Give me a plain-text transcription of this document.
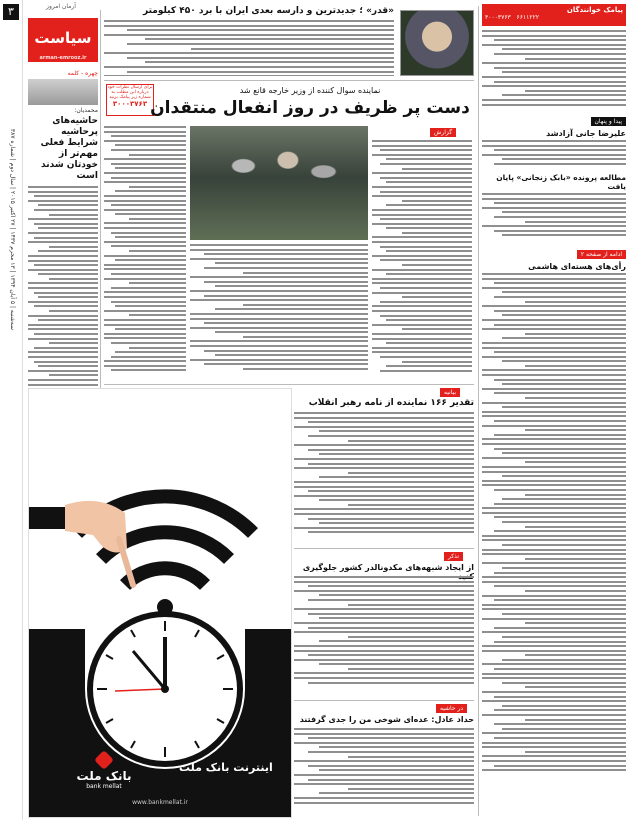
۳
سه‌شنبه | ۵ آبان ۱۳۹۴ | ۱۳ محرم ۱۴۳۷ | ۲۷ اکتبر ۲۰۱۵ | سال دوم | شماره ۳۸۷
آرمان امروز
سیاست
arman-emrooz.ir
چهره - کلمه
محمدیان:
حاشیه‌های پرحاشیه شرایط فعلی مهم‌تر از خودتان شدند است
«قدر» ؛ جدیدترین و دارسه بعدی ایران با برد ۴۵۰ کیلومتر
برای ارسال نظرات خود درباره این مطلب به شماره زیر پیامک بزنید
۳۰۰۰۳۷۶۳
نماینده سوال کننده از وزیر خارجه قانع شد
دست پر ظریف در روز انفعال منتقدان
گزارش
بیانیه
تقدیر ۱۶۶ نماینده از نامه رهبر انقلاب
تذکر
از ایجاد شبهه‌های مکدونالدر کشور جلوگیری
در حاشیه
حداد عادل: عده‌ای شوخی من را جدی گرفتند
اینترنت بانک ملت
بانک ملت
bank mellat
www.bankmellat.ir
پیامک خوانندگان
۳۰۰۰۳۷۶۳ ۶۶۱۱۲۲۲
پیدا و پنهان
علیرضا جانی آزادشد
مطالعه پرونده «بابک زنجانی» پایان یافت
ادامه از صفحه ۲
رأی‌های هسته‌ای هاشمی
